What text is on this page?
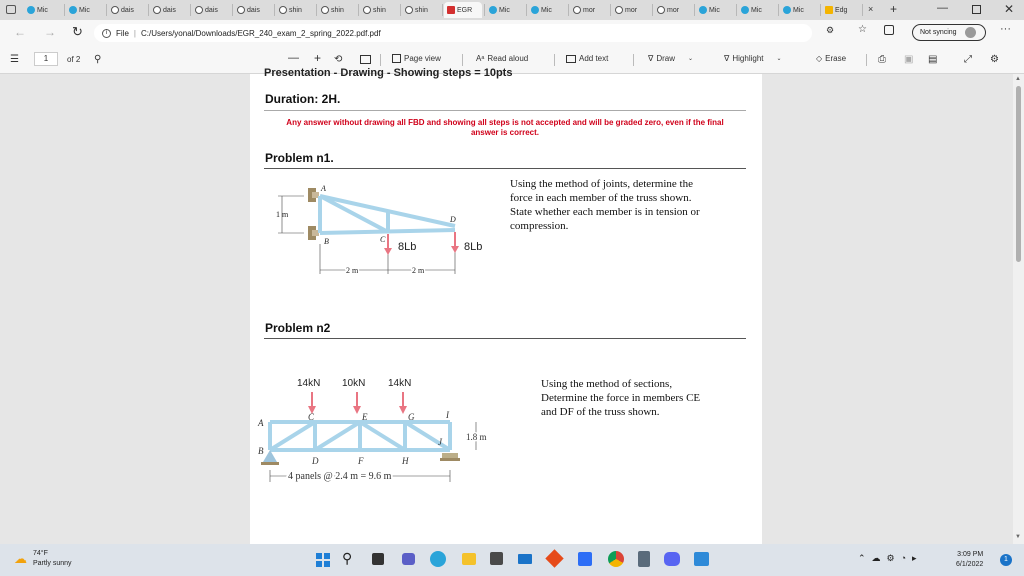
Mic	Mic	dais	dais	dais	dais	shin	shin	shin	shin	EGR	Mic	Mic	mor	mor	mor	Mic	Mic	Mic	Edg × +	—	✕
← → ↻	i	File | C:/Users/yonal/Downloads/EGR_240_exam_2_spring_2022.pdf.pdf	⚙ ☆	Not syncing	···
☰	1	of 2 ⚲	— + ⟲	Page view	Aᵃ Read aloud	Add text	∇ Draw ⌄	∇ Highlight ⌄	◇ Erase	⎙ ▣ ▤	⤢ ⚙
Presentation - Drawing - Showing steps = 10pts
Duration: 2H.
Any answer without drawing all FBD and showing all steps is not accepted and will be graded zero, even if the final
answer is correct.
Problem n1.
A
B	C
D
1 m
2 m	2 m
8Lb	8Lb
Using the method of joints, determine the
force in each member of the truss shown.
State whether each member is in tension or
compression.
Problem n2
14kN 10kN 14kN
A
B
C
D
E
F
G
H
I
J	1.8 m
4 panels @ 2.4 m = 9.6 m
Using the method of sections,
Determine the force in members CE
and DF of the truss shown.
▲
▼
☁ 74°F
Partly sunny	⚲	⌃☁⚙◔▸	3:09 PM
6/1/2022
1
